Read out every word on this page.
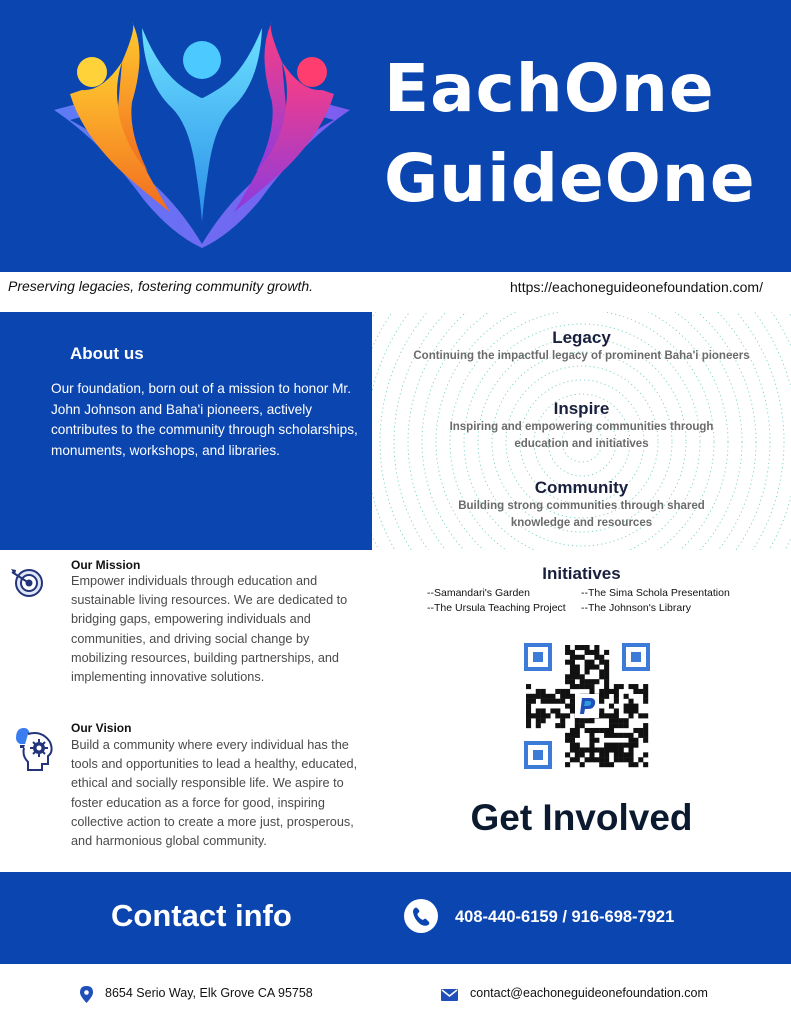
EachOne
GuideOne
Preserving legacies, fostering community growth.	https://eachoneguideonefoundation.com/
About us

Our foundation, born out of a mission to honor Mr. John Johnson and Baha'i pioneers, actively contributes to the community through scholarships, monuments, workshops, and libraries.

Legacy

Continuing the impactful legacy of prominent Baha'i pioneers

Inspire

Inspiring and empowering communities through education and initiatives

Community

Building strong communities through shared knowledge and resources

Our Mission
Empower individuals through education and sustainable living resources. We are dedicated to bridging gaps, empowering individuals and communities, and driving social change by mobilizing resources, building partnerships, and implementing innovative solutions.
Our Vision
Build a community where every individual has the tools and opportunities to lead a healthy, educated, ethical and socially responsible life. We aspire to foster education as a force for good, inspiring collective action to create a more just, prosperous, and harmonious global community.
Initiatives
--Samandari's Garden	--The Sima Schola Presentation
--The Ursula Teaching Project --The Johnson's Library
Get Involved
Contact info	408-440-6159 / 916-698-7921
8654 Serio Way, Elk Grove CA 95758	contact@eachoneguideonefoundation.com
